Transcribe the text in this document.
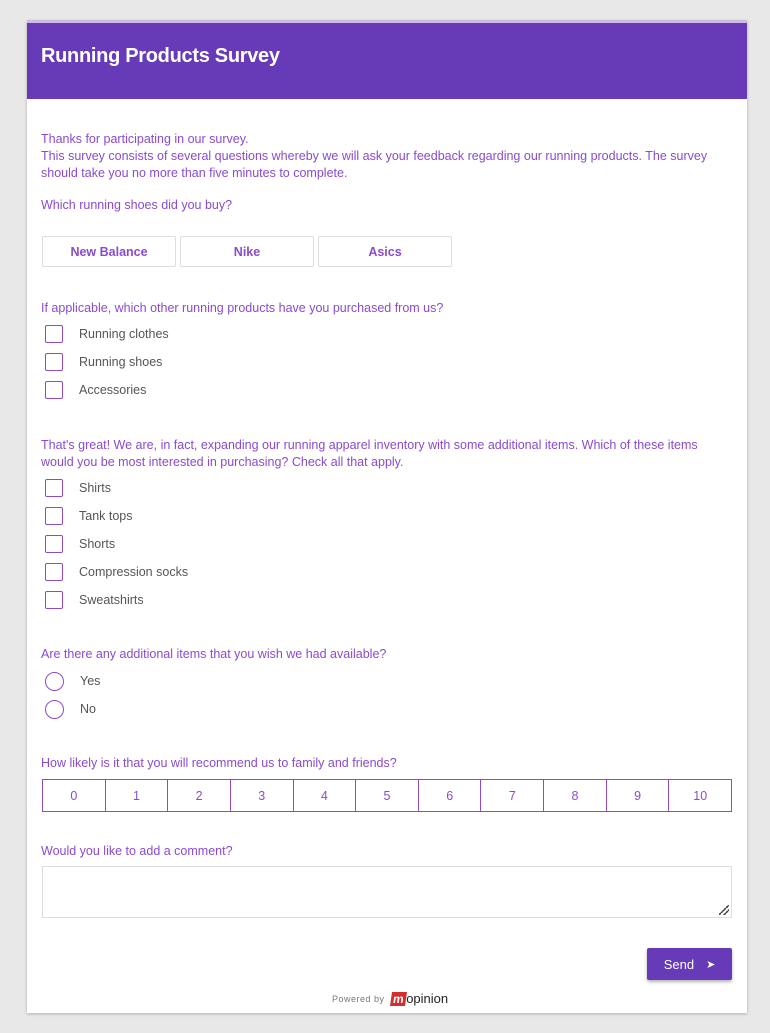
Running Products Survey
Thanks for participating in our survey.
This survey consists of several questions whereby we will ask your feedback regarding our running products. The survey should take you no more than five minutes to complete.
Which running shoes did you buy?
New Balance	Nike	Asics
If applicable, which other running products have you purchased from us?
Running clothes
Running shoes
Accessories
That's great! We are, in fact, expanding our running apparel inventory with some additional items. Which of these items would you be most interested in purchasing? Check all that apply.
Shirts
Tank tops
Shorts
Compression socks
Sweatshirts
Are there any additional items that you wish we had available?
Yes
No
How likely is it that you will recommend us to family and friends?
0	1	2	3	4	5	6	7	8	9	10
Would you like to add a comment?
Send ➤
Powered by m opinion
